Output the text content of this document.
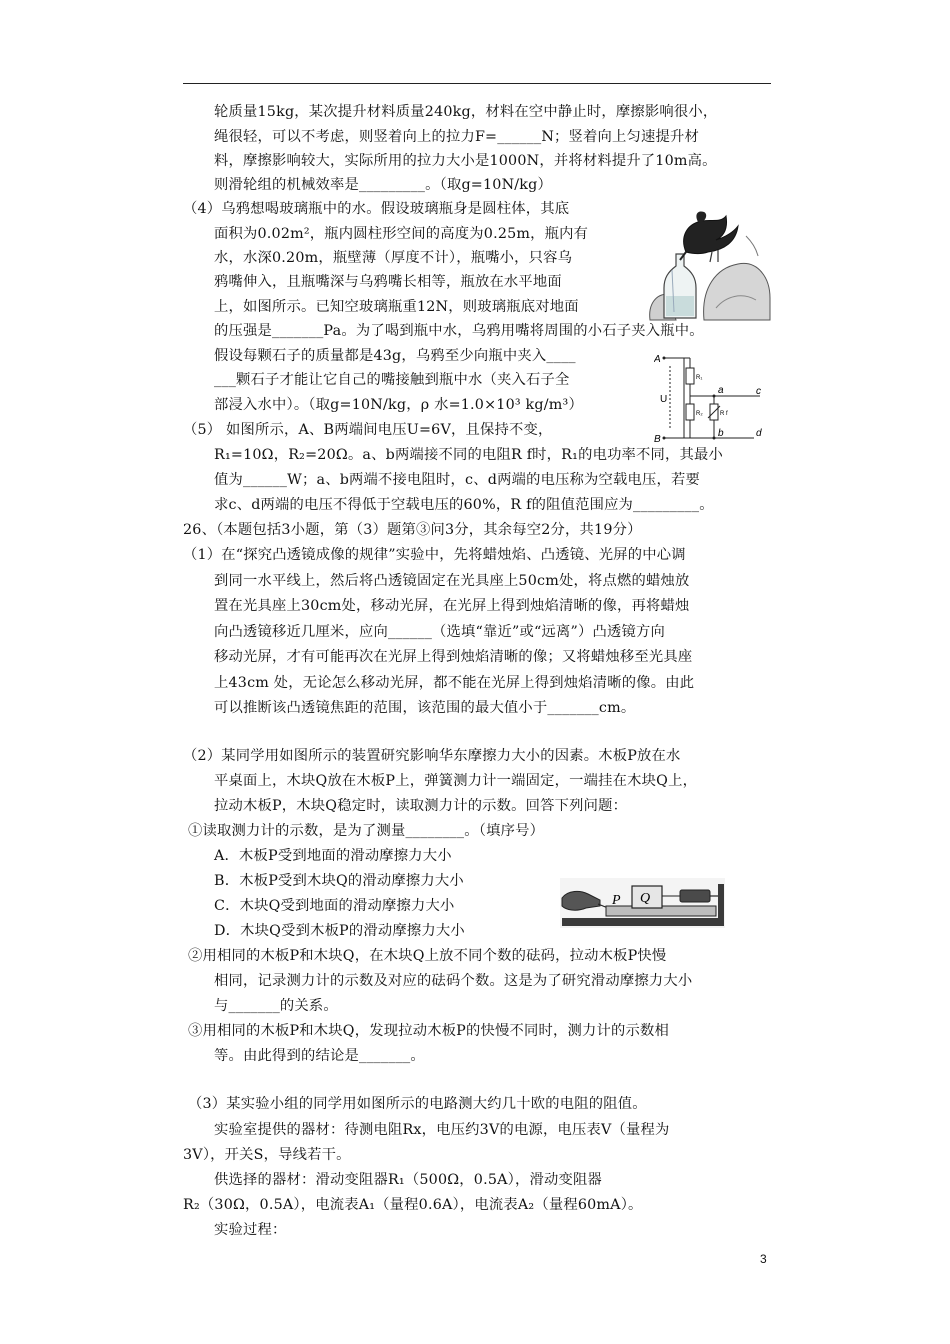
轮质量15kg，某次提升材料质量240kg，材料在空中静止时，摩擦影响很小，
绳很轻，可以不考虑，则竖着向上的拉力F=______N；竖着向上匀速提升材
料，摩擦影响较大，实际所用的拉力大小是1000N，并将材料提升了10m高。
则滑轮组的机械效率是_________。（取g=10N/kg）
（4）乌鸦想喝玻璃瓶中的水。假设玻璃瓶身是圆柱体，其底
面积为0.02m²，瓶内圆柱形空间的高度为0.25m，瓶内有
水，水深0.20m，瓶壁薄（厚度不计），瓶嘴小，只容乌
鸦嘴伸入，且瓶嘴深与乌鸦嘴长相等，瓶放在水平地面
上，如图所示。已知空玻璃瓶重12N，则玻璃瓶底对地面
的压强是_______Pa。为了喝到瓶中水，乌鸦用嘴将周围的小石子夹入瓶中。
假设每颗石子的质量都是43g，乌鸦至少向瓶中夹入____
___颗石子才能让它自己的嘴接触到瓶中水（夹入石子全
部浸入水中）。（取g=10N/kg，ρ 水=1.0×10³ kg/m³）
（5） 如图所示，A、B两端间电压U=6V，且保持不变，
R₁=10Ω，R₂=20Ω。a、b两端接不同的电阻R f时，R₁的电功率不同，其最小
值为______W；a、b两端不接电阻时，c、d两端的电压称为空载电压，若要
求c、d两端的电压不得低于空载电压的60%，R f的阻值范围应为_________。
26、（本题包括3小题，第（3）题第③问3分，其余每空2分，共19分）
（1）在“探究凸透镜成像的规律”实验中，先将蜡烛焰、凸透镜、光屏的中心调
到同一水平线上，然后将凸透镜固定在光具座上50cm处，将点燃的蜡烛放
置在光具座上30cm处，移动光屏，在光屏上得到烛焰清晰的像，再将蜡烛
向凸透镜移近几厘米，应向______（选填“靠近”或“远离”）凸透镜方向
移动光屏，才有可能再次在光屏上得到烛焰清晰的像；又将蜡烛移至光具座
上43cm 处，无论怎么移动光屏，都不能在光屏上得到烛焰清晰的像。由此
可以推断该凸透镜焦距的范围，该范围的最大值小于_______cm。
（2）某同学用如图所示的装置研究影响华东摩擦力大小的因素。木板P放在水
平桌面上，木块Q放在木板P上，弹簧测力计一端固定，一端挂在木块Q上，
拉动木板P，木块Q稳定时，读取测力计的示数。回答下列问题：
①读取测力计的示数，是为了测量________。（填序号）
A．木板P受到地面的滑动摩擦力大小
B．木板P受到木块Q的滑动摩擦力大小
C．木块Q受到地面的滑动摩擦力大小
D．木块Q受到木板P的滑动摩擦力大小
②用相同的木板P和木块Q，在木块Q上放不同个数的砝码，拉动木板P快慢
相同，记录测力计的示数及对应的砝码个数。这是为了研究滑动摩擦力大小
与_______的关系。
③用相同的木板P和木块Q，发现拉动木板P的快慢不同时，测力计的示数相
等。由此得到的结论是_______。
（3）某实验小组的同学用如图所示的电路测大约几十欧的电阻的阻值。
实验室提供的器材：待测电阻Rx，电压约3V的电源，电压表V（量程为
3V），开关S，导线若干。
供选择的器材：滑动变阻器R₁（500Ω，0.5A），滑动变阻器
R₂（30Ω，0.5A），电流表A₁（量程0.6A），电流表A₂（量程60mA）。
实验过程：
A
B
U
R₁
R₂	R f
a
b
c
d
P Q
3
